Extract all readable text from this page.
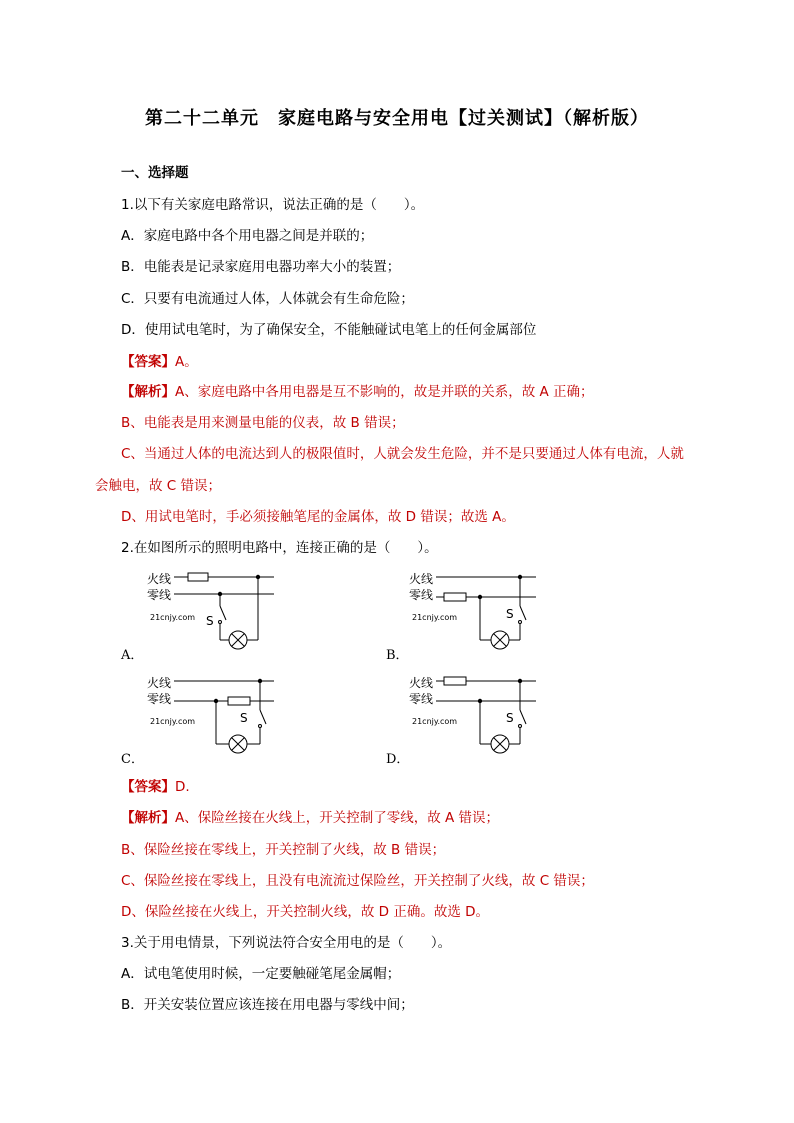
第二十二单元　家庭电路与安全用电【过关测试】（解析版）
一、选择题
1.以下有关家庭电路常识，说法正确的是（　　）。
A．家庭电路中各个用电器之间是并联的；
B．电能表是记录家庭用电器功率大小的装置；
C．只要有电流通过人体，人体就会有生命危险；
D．使用试电笔时，为了确保安全，不能触碰试电笔上的任何金属部位
【答案】A。
【解析】A、家庭电路中各用电器是互不影响的，故是并联的关系，故 A 正确；
B、电能表是用来测量电能的仪表，故 B 错误；
C、当通过人体的电流达到人的极限值时，人就会发生危险，并不是只要通过人体有电流，人就
会触电，故 C 错误；
D、用试电笔时，手必须接触笔尾的金属体，故 D 错误；故选 A。
2.在如图所示的照明电路中，连接正确的是（　　）。
火线
零线
S
21cnjy.com
A．
火线
零线
S
21cnjy.com
B．
火线
零线
S
21cnjy.com
C．
火线
零线
S
21cnjy.com
D．
【答案】D.
【解析】A、保险丝接在火线上，开关控制了零线，故 A 错误；
B、保险丝接在零线上，开关控制了火线，故 B 错误；
C、保险丝接在零线上，且没有电流流过保险丝，开关控制了火线，故 C 错误；
D、保险丝接在火线上，开关控制火线，故 D 正确。故选 D。
3.关于用电情景，下列说法符合安全用电的是（　　）。
A．试电笔使用时候，一定要触碰笔尾金属帽；
B．开关安装位置应该连接在用电器与零线中间；
